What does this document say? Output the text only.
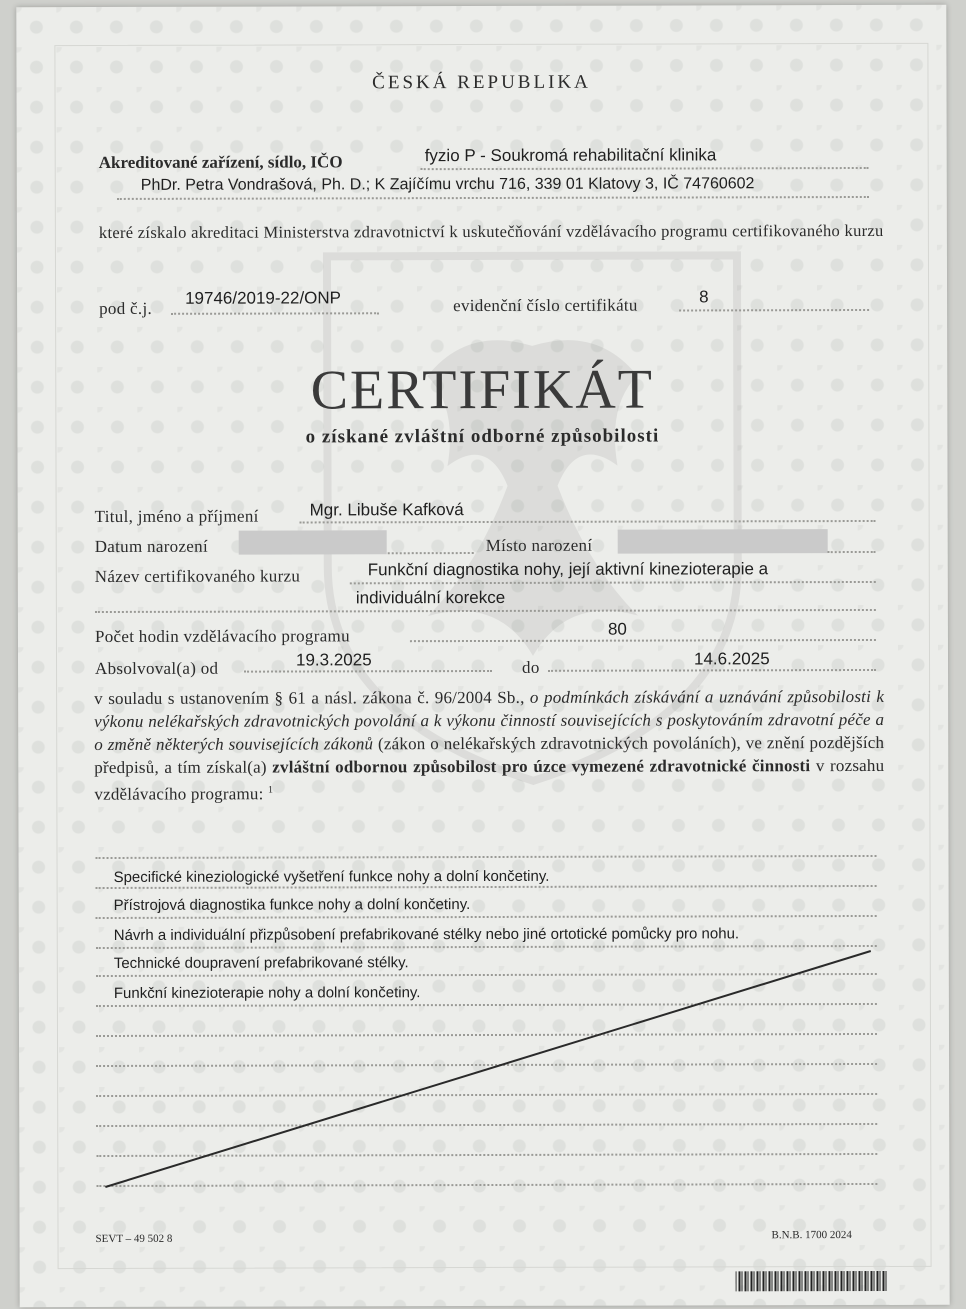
ČESKÁ REPUBLIKA
Akreditované zařízení, sídlo, IČO	fyzio P - Soukromá rehabilitační klinika
PhDr. Petra Vondrašová, Ph. D.; K Zajíčímu vrchu 716, 339 01 Klatovy 3, IČ 74760602
které získalo akreditaci Ministerstva zdravotnictví k uskutečňování vzdělávacího programu certifikovaného kurzu
pod č.j.
19746/2019-22/ONP	evidenční číslo certifikátu	8
CERTIFIKÁT
o získané zvláštní odborné způsobilosti
Titul, jméno a příjmení	Mgr. Libuše Kafková
Datum narození	Místo narození
Název certifikovaného kurzu	Funkční diagnostika nohy, její aktivní kinezioterapie a
individuální korekce
Počet hodin vzdělávacího programu	80
Absolvoval(a) od	19.3.2025	do	14.6.2025
v souladu s ustanovením § 61 a násl. zákona č. 96/2004 Sb., o podmínkách získávání a uznávání způsobilosti k výkonu nelékařských zdravotnických povolání a k výkonu činností souvisejících s poskytováním zdravotní péče a o změně některých souvisejících zákonů (zákon o nelékařských zdravotnických povoláních), ve znění pozdějších předpisů, a tím získal(a) zvláštní odbornou způsobilost pro úzce vymezené zdravotnické činnosti v rozsahu vzdělávacího programu: $^1$
Specifické kineziologické vyšetření funkce nohy a dolní končetiny.
Přístrojová diagnostika funkce nohy a dolní končetiny.
Návrh a individuální přizpůsobení prefabrikované stélky nebo jiné ortotické pomůcky pro nohu.
Technické doupravení prefabrikované stélky.
Funkční kinezioterapie nohy a dolní končetiny.
SEVT – 49 502 8	B.N.B. 1700 2024
